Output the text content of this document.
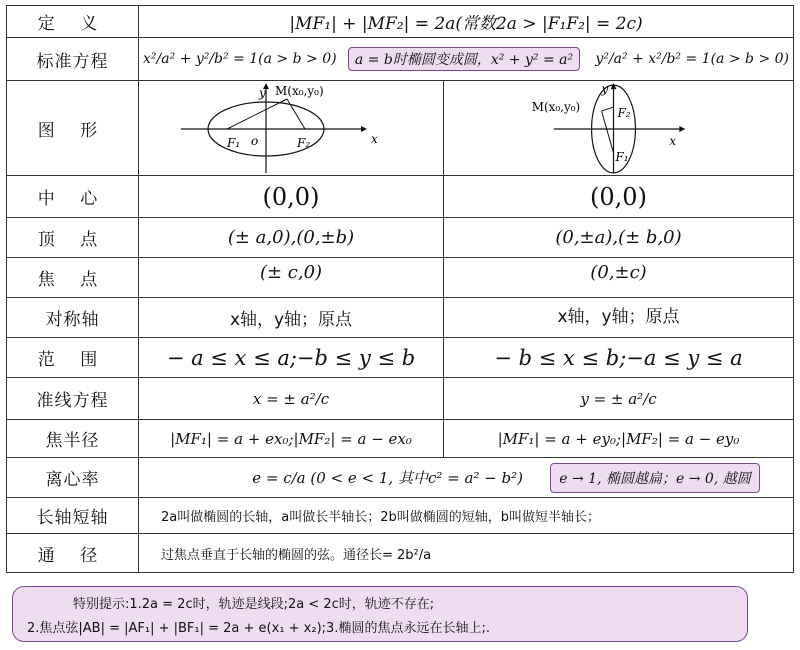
定 义	|MF₁| + |MF₂| = 2a(常数2a > |F₁F₂| = 2c)
标准方程	x²/a² + y²/b² = 1(a > b > 0)	a = b时椭圆变成圆，x² + y² = a²	y²/a² + x²/b² = 1(a > b > 0)
图 形
M(x₀,y₀)
y
x
o
F₁	F₂
M(x₀,y₀)
y
x
F₂
F₁
中 心	(0,0)	(0,0)
顶 点	(± a,0),(0,±b)	(0,±a),(± b,0)
焦 点	(± c,0)	(0,±c)
对称轴	x轴，y轴；原点	x轴，y轴；原点
范 围	− a ≤ x ≤ a;−b ≤ y ≤ b	− b ≤ x ≤ b;−a ≤ y ≤ a
准线方程	x = ± a²/c	y = ± a²/c
焦半径	|MF₁| = a + ex₀;|MF₂| = a − ex₀	|MF₁| = a + ey₀;|MF₂| = a − ey₀
离心率	e = c/a (0 < e < 1, 其中c² = a² − b²)	e → 1, 椭圆越扁；e → 0, 越圆
长轴短轴	2a叫做椭圆的长轴，a叫做长半轴长；2b叫做椭圆的短轴，b叫做短半轴长；
通 径	过焦点垂直于长轴的椭圆的弦。通径长= 2b²/a
特别提示:1.2a = 2c时，轨迹是线段;2a < 2c时，轨迹不存在;
2.焦点弦|AB| = |AF₁| + |BF₁| = 2a + e(x₁ + x₂);3.椭圆的焦点永远在长轴上;.
